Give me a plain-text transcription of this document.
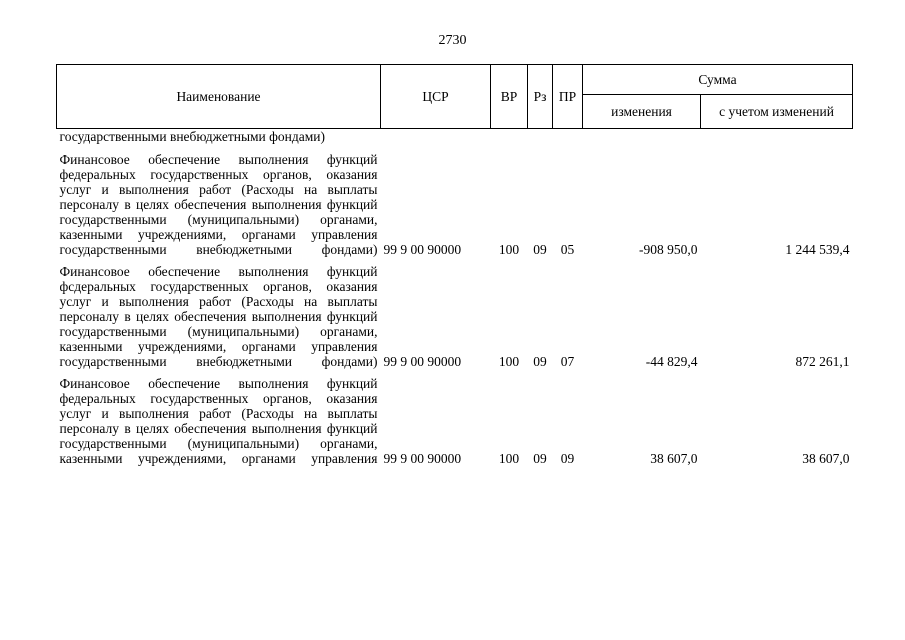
2730
Наименование	ЦСР	ВР	Рз	ПР	Сумма	
					изменения	с учетом изменений
государственными внебюджетными фондами)						

Финансовое обеспечение выполнения функций федеральных государственных органов, оказания услуг и выполнения работ (Расходы на выплаты персоналу в целях обеспечения выполнения функций государственными (муниципальными) органами, казенными учреждениями, органами управления государственными внебюджетными фондами)	99 9 00 90000	100	09	05	-908 950,0	1 244 539,4

Финансовое обеспечение выполнения функций фсдеральных государственных органов, оказания услуг и выполнения работ (Расходы на выплаты персоналу в целях обеспечения выполнения функций государственными (муниципальными) органами, казенными учреждениями, органами управления государственными внебюджетными фондами)	99 9 00 90000	100	09	07	-44 829,4	872 261,1

Финансовое обеспечение выполнения функций федеральных государственных органов, оказания услуг и выполнения работ (Расходы на выплаты персоналу в целях обеспечения выполнения функций государственными (муниципальными) органами, казенными учреждениями, органами управления	99 9 00 90000	100	09	09	38 607,0	38 607,0
